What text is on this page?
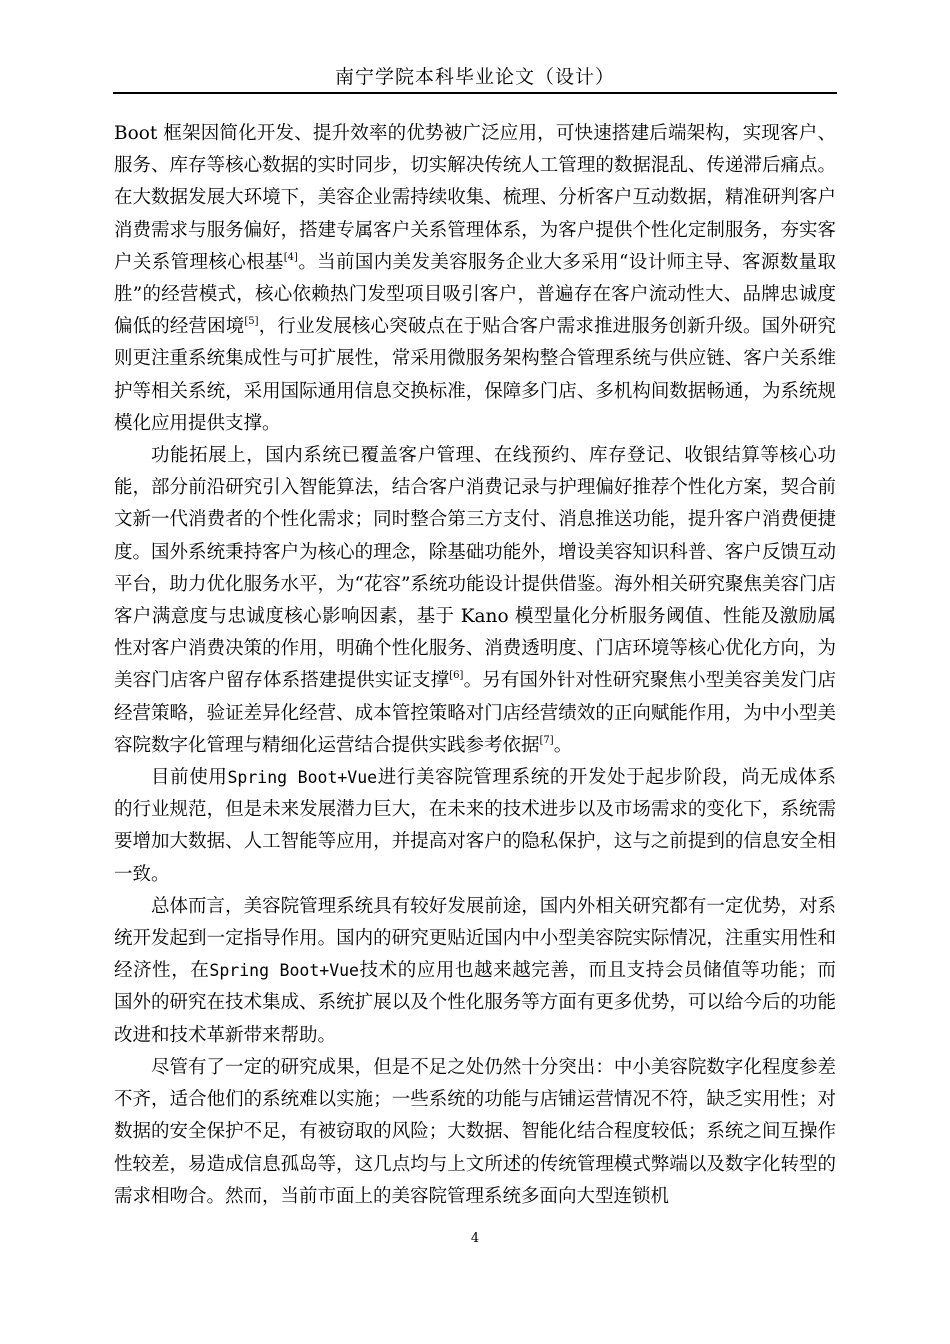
南宁学院本科毕业论文（设计）

Boot 框架因简化开发、提升效率的优势被广泛应用，可快速搭建后端架构，实现客户、服务、库存等核心数据的实时同步，切实解决传统人工管理的数据混乱、传递滞后痛点。在大数据发展大环境下，美容企业需持续收集、梳理、分析客户互动数据，精准研判客户消费需求与服务偏好，搭建专属客户关系管理体系，为客户提供个性化定制服务，夯实客户关系管理核心根基[4]。当前国内美发美容服务企业大多采用“设计师主导、客源数量取胜”的经营模式，核心依赖热门发型项目吸引客户，普遍存在客户流动性大、品牌忠诚度偏低的经营困境[5]，行业发展核心突破点在于贴合客户需求推进服务创新升级。国外研究则更注重系统集成性与可扩展性，常采用微服务架构整合管理系统与供应链、客户关系维护等相关系统，采用国际通用信息交换标准，保障多门店、多机构间数据畅通，为系统规模化应用提供支撑。

功能拓展上，国内系统已覆盖客户管理、在线预约、库存登记、收银结算等核心功能，部分前沿研究引入智能算法，结合客户消费记录与护理偏好推荐个性化方案，契合前文新一代消费者的个性化需求；同时整合第三方支付、消息推送功能，提升客户消费便捷度。国外系统秉持客户为核心的理念，除基础功能外，增设美容知识科普、客户反馈互动平台，助力优化服务水平，为“花容”系统功能设计提供借鉴。海外相关研究聚焦美容门店客户满意度与忠诚度核心影响因素，基于 Kano 模型量化分析服务阈值、性能及激励属性对客户消费决策的作用，明确个性化服务、消费透明度、门店环境等核心优化方向，为美容门店客户留存体系搭建提供实证支撑[6]。另有国外针对性研究聚焦小型美容美发门店经营策略，验证差异化经营、成本管控策略对门店经营绩效的正向赋能作用，为中小型美容院数字化管理与精细化运营结合提供实践参考依据[7]。

目前使用Spring Boot+Vue进行美容院管理系统的开发处于起步阶段，尚无成体系的行业规范，但是未来发展潜力巨大，在未来的技术进步以及市场需求的变化下，系统需要增加大数据、人工智能等应用，并提高对客户的隐私保护，这与之前提到的信息安全相一致。

总体而言，美容院管理系统具有较好发展前途，国内外相关研究都有一定优势，对系统开发起到一定指导作用。国内的研究更贴近国内中小型美容院实际情况，注重实用性和经济性，在Spring Boot+Vue技术的应用也越来越完善，而且支持会员储值等功能；而国外的研究在技术集成、系统扩展以及个性化服务等方面有更多优势，可以给今后的功能改进和技术革新带来帮助。

尽管有了一定的研究成果，但是不足之处仍然十分突出：中小美容院数字化程度参差不齐，适合他们的系统难以实施；一些系统的功能与店铺运营情况不符，缺乏实用性；对数据的安全保护不足，有被窃取的风险；大数据、智能化结合程度较低；系统之间互操作性较差，易造成信息孤岛等，这几点均与上文所述的传统管理模式弊端以及数字化转型的需求相吻合。然而，当前市面上的美容院管理系统多面向大型连锁机

4
